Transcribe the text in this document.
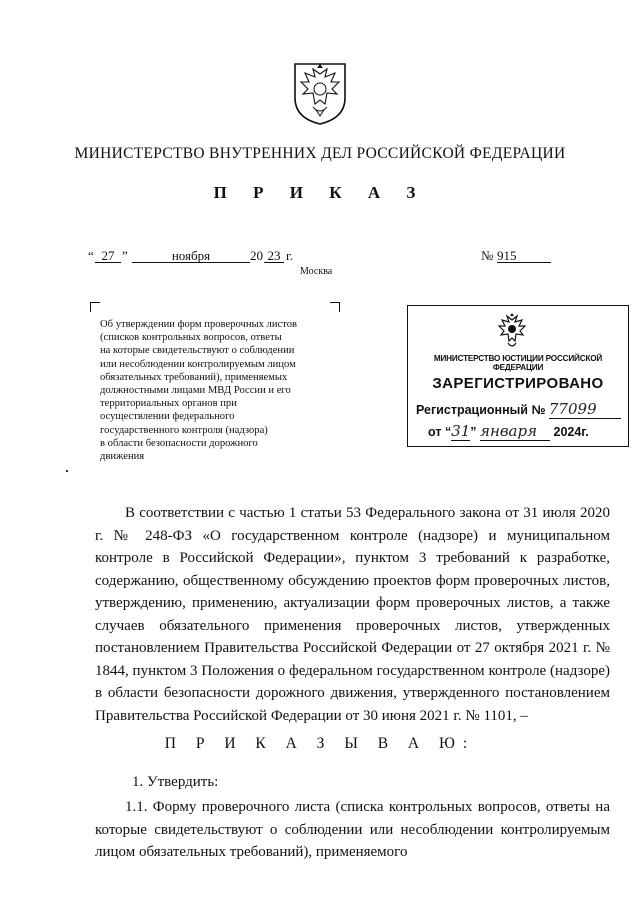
МИНИСТЕРСТВО ВНУТРЕННИХ ДЕЛ РОССИЙСКОЙ ФЕДЕРАЦИИ
П Р И К А З
“ 27 ”	ноября	20 23 г.	№ 915
Москва
Об утверждении форм проверочных листов
(списков контрольных вопросов, ответы
на которые свидетельствуют о соблюдении
или несоблюдении контролируемым лицом
обязательных требований), применяемых
должностными лицами МВД России и его
территориальных органов при
осуществлении федерального
государственного контроля (надзора)
в области безопасности дорожного
движения
МИНИСТЕРСТВО ЮСТИЦИИ РОССИЙСКОЙ ФЕДЕРАЦИИ
ЗАРЕГИСТРИРОВАНО
Регистрационный № 77099
от “31” января 2024г.

В соответствии с частью 1 статьи 53 Федерального закона от 31 июля 2020 г. № 248-ФЗ «О государственном контроле (надзоре) и муниципальном контроле в Российской Федерации», пунктом 3 требований к разработке, содержанию, общественному обсуждению проектов форм проверочных листов, утверждению, применению, актуализации форм проверочных листов, а также случаев обязательного применения проверочных листов, утвержденных постановлением Правительства Российской Федерации от 27 октября 2021 г. № 1844, пунктом 3 Положения о федеральном государственном контроле (надзоре) в области безопасности дорожного движения, утвержденного постановлением Правительства Российской Федерации от 30 июня 2021 г. № 1101, –

П Р И К А З Ы В А Ю:
1. Утвердить:

1.1. Форму проверочного листа (списка контрольных вопросов, ответы на которые свидетельствуют о соблюдении или несоблюдении контролируемым лицом обязательных требований), применяемого
